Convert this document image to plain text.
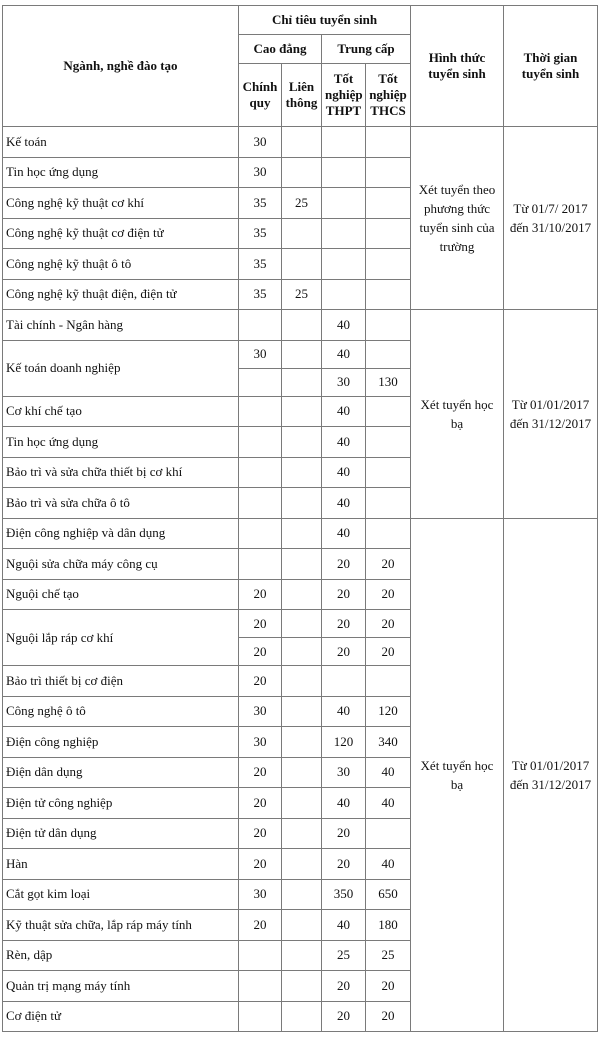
Ngành, nghề đào tạo	Chỉ tiêu tuyển sinh				Hình thức tuyển sinh	Thời gian tuyển sinh
	Cao đẳng		Trung cấp			
	Chính quy	Liên thông	Tốt nghiệp THPT	Tốt nghiệp THCS		
Kế toán	30				Xét tuyển theo phương thức tuyển sinh của trường	Từ 01/7/ 2017 đến 31/10/2017
Tin học ứng dụng	30					
Công nghệ kỹ thuật cơ khí	35	25				
Công nghệ kỹ thuật cơ điện tử	35					
Công nghệ kỹ thuật ô tô	35					
Công nghệ kỹ thuật điện, điện tử	35	25				
Tài chính - Ngân hàng			40		Xét tuyển học bạ	Từ 01/01/2017 đến 31/12/2017
Kế toán doanh nghiệp	30		40			
			30	130		
Cơ khí chế tạo			40			
Tin học ứng dụng			40			
Bảo trì và sửa chữa thiết bị cơ khí			40			
Bảo trì và sửa chữa ô tô			40			
Điện công nghiệp và dân dụng			40		Xét tuyển học bạ	Từ 01/01/2017 đến 31/12/2017
Nguội sửa chữa máy công cụ			20	20		
Nguội chế tạo	20		20	20		
Nguội lắp ráp cơ khí	20		20	20		
	20		20	20		
Bảo trì thiết bị cơ điện	20					
Công nghệ ô tô	30		40	120		
Điện công nghiệp	30		120	340		
Điện dân dụng	20		30	40		
Điện tử công nghiệp	20		40	40		
Điện tử dân dụng	20		20			
Hàn	20		20	40		
Cắt gọt kim loại	30		350	650		
Kỹ thuật sửa chữa, lắp ráp máy tính	20		40	180		
Rèn, dập			25	25		
Quản trị mạng máy tính			20	20		
Cơ điện tử			20	20		
